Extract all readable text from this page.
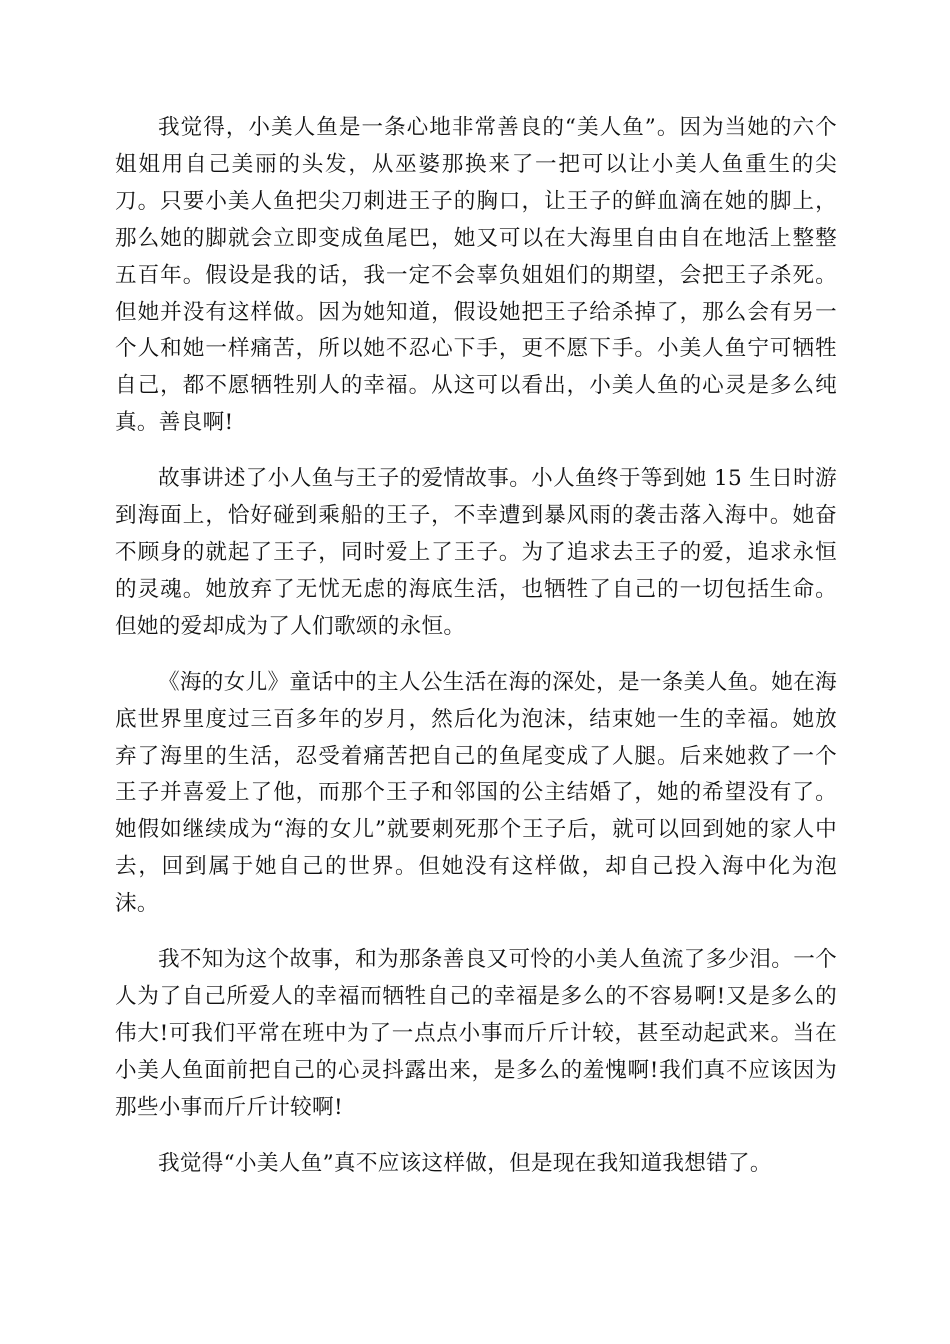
我觉得，小美人鱼是一条心地非常善良的“美人鱼”。因为当她的六个姐姐用自己美丽的头发，从巫婆那换来了一把可以让小美人鱼重生的尖刀。只要小美人鱼把尖刀刺进王子的胸口，让王子的鲜血滴在她的脚上，那么她的脚就会立即变成鱼尾巴，她又可以在大海里自由自在地活上整整五百年。假设是我的话，我一定不会辜负姐姐们的期望，会把王子杀死。但她并没有这样做。因为她知道，假设她把王子给杀掉了，那么会有另一个人和她一样痛苦，所以她不忍心下手，更不愿下手。小美人鱼宁可牺牲自己，都不愿牺牲别人的幸福。从这可以看出，小美人鱼的心灵是多么纯真。善良啊!

故事讲述了小人鱼与王子的爱情故事。小人鱼终于等到她 15 生日时游到海面上，恰好碰到乘船的王子，不幸遭到暴风雨的袭击落入海中。她奋不顾身的就起了王子，同时爱上了王子。为了追求去王子的爱，追求永恒的灵魂。她放弃了无忧无虑的海底生活，也牺牲了自己的一切包括生命。但她的爱却成为了人们歌颂的永恒。

《海的女儿》童话中的主人公生活在海的深处，是一条美人鱼。她在海底世界里度过三百多年的岁月，然后化为泡沫，结束她一生的幸福。她放弃了海里的生活，忍受着痛苦把自己的鱼尾变成了人腿。后来她救了一个王子并喜爱上了他，而那个王子和邻国的公主结婚了，她的希望没有了。她假如继续成为“海的女儿”就要刺死那个王子后，就可以回到她的家人中去，回到属于她自己的世界。但她没有这样做，却自己投入海中化为泡沫。

我不知为这个故事，和为那条善良又可怜的小美人鱼流了多少泪。一个人为了自己所爱人的幸福而牺牲自己的幸福是多么的不容易啊!又是多么的伟大!可我们平常在班中为了一点点小事而斤斤计较，甚至动起武来。当在小美人鱼面前把自己的心灵抖露出来，是多么的羞愧啊!我们真不应该因为那些小事而斤斤计较啊!

我觉得“小美人鱼”真不应该这样做，但是现在我知道我想错了。
